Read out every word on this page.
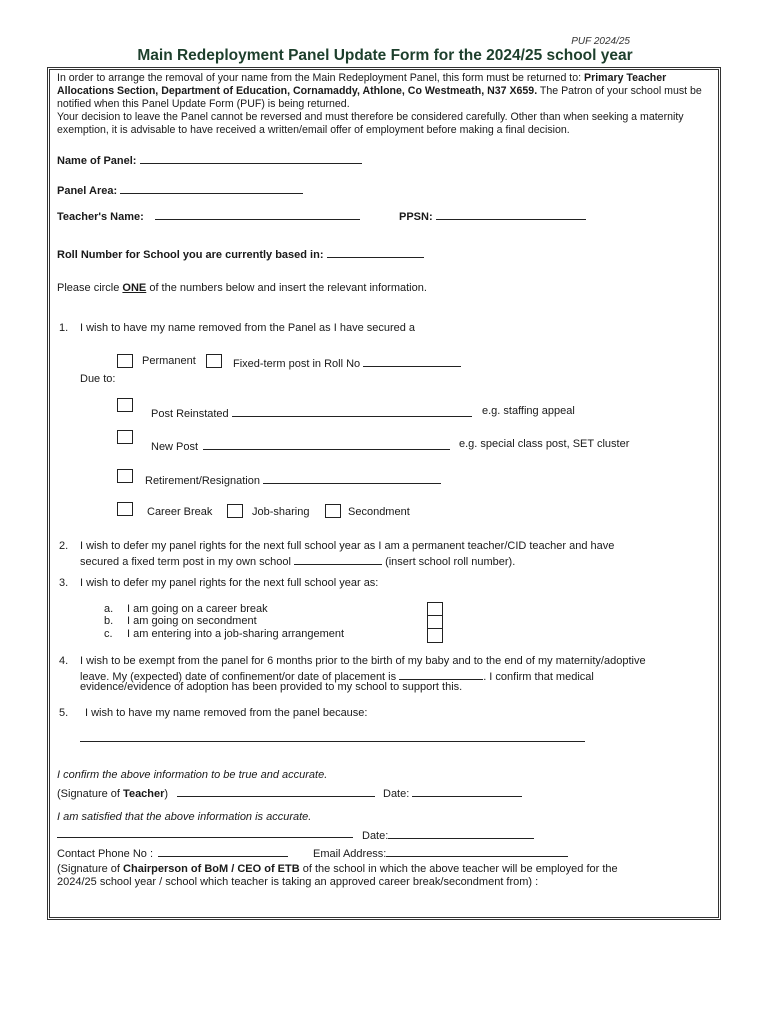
PUF 2024/25
Main Redeployment Panel Update Form for the 2024/25 school year

In order to arrange the removal of your name from the Main Redeployment Panel, this form must be returned to: Primary Teacher Allocations Section, Department of Education, Cornamaddy, Athlone, Co Westmeath, N37 X659. The Patron of your school must be notified when this Panel Update Form (PUF) is being returned.

Your decision to leave the Panel cannot be reversed and must therefore be considered carefully. Other than when seeking a maternity exemption, it is advisable to have received a written/email offer of employment before making a final decision.

Name of Panel:
Panel Area:
Teacher's Name:	PPSN:
Roll Number for School you are currently based in:
Please circle ONE of the numbers below and insert the relevant information.
1. I wish to have my name removed from the Panel as I have secured a
Permanent	Fixed-term post in Roll No
Due to:
Post Reinstated	e.g. staffing appeal
New Post	e.g. special class post, SET cluster
Retirement/Resignation
Career Break	Job-sharing	Secondment
2. I wish to defer my panel rights for the next full school year as I am a permanent teacher/CID teacher and have
secured a fixed term post in my own school	(insert school roll number).
3. I wish to defer my panel rights for the next full school year as:
a. I am going on a career break
b. I am going on secondment
c. I am entering into a job-sharing arrangement
4. I wish to be exempt from the panel for 6 months prior to the birth of my baby and to the end of my maternity/adoptive
leave. My (expected) date of confinement/or date of placement is	. I confirm that medical
evidence/evidence of adoption has been provided to my school to support this.
5. I wish to have my name removed from the panel because:
I confirm the above information to be true and accurate.
(Signature of Teacher)	Date:
I am satisfied that the above information is accurate.
Date:
Contact Phone No :	Email Address:
(Signature of Chairperson of BoM / CEO of ETB of the school in which the above teacher will be employed for the
2024/25 school year / school which teacher is taking an approved career break/secondment from) :
